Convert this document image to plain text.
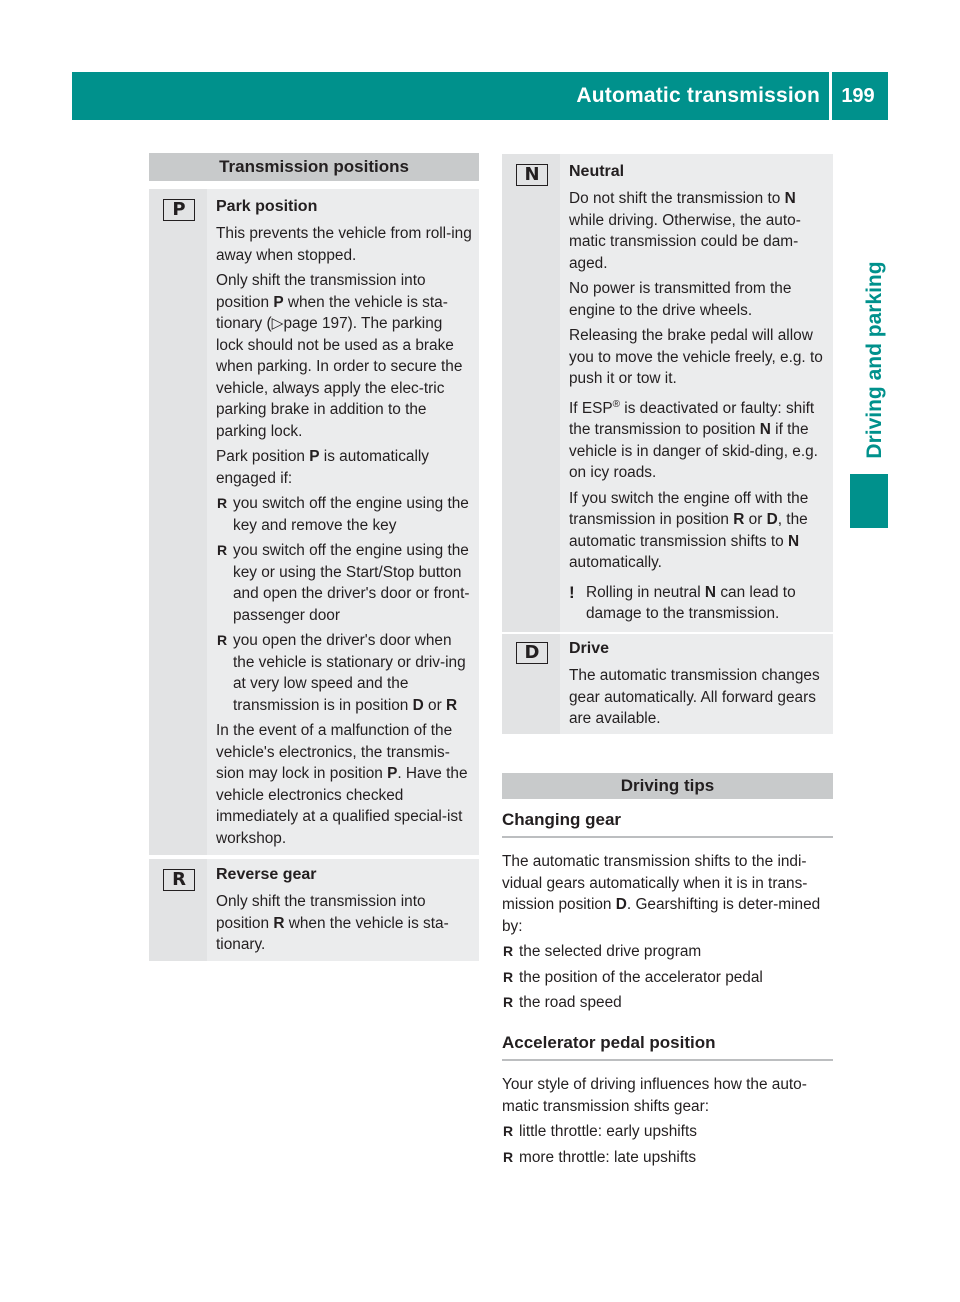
Automatic transmission	199
Driving and parking
Transmission positions
P	Park position

This prevents the vehicle from roll-ing away when stopped.

Only shift the transmission into position P when the vehicle is sta-tionary (▷page 197). The parking lock should not be used as a brake when parking. In order to secure the vehicle, always apply the elec-tric parking brake in addition to the parking lock.

Park position P is automatically engaged if:

R you switch off the engine using the key and remove the key
R you switch off the engine using the key or using the Start/Stop button and open the driver's door or front-passenger door
R you open the driver's door when the vehicle is stationary or driv-ing at very low speed and the transmission is in position D or R

In the event of a malfunction of the vehicle's electronics, the transmis-sion may lock in position P. Have the vehicle electronics checked immediately at a qualified special-ist workshop.

R	Reverse gear

Only shift the transmission into position R when the vehicle is sta-tionary.

N	Neutral

Do not shift the transmission to N while driving. Otherwise, the auto-matic transmission could be dam-aged.

No power is transmitted from the engine to the drive wheels.

Releasing the brake pedal will allow you to move the vehicle freely, e.g. to push it or tow it.

If ESP® is deactivated or faulty: shift the transmission to position N if the vehicle is in danger of skid-ding, e.g. on icy roads.

If you switch the engine off with the transmission in position R or D, the automatic transmission shifts to N automatically.

! Rolling in neutral N can lead to damage to the transmission.
D	Drive

The automatic transmission changes gear automatically. All forward gears are available.

Driving tips
Changing gear

The automatic transmission shifts to the indi-vidual gears automatically when it is in trans-mission position D. Gearshifting is deter-mined by:

R the selected drive program
R the position of the accelerator pedal
R the road speed
Accelerator pedal position

Your style of driving influences how the auto-matic transmission shifts gear:

R little throttle: early upshifts
R more throttle: late upshifts
